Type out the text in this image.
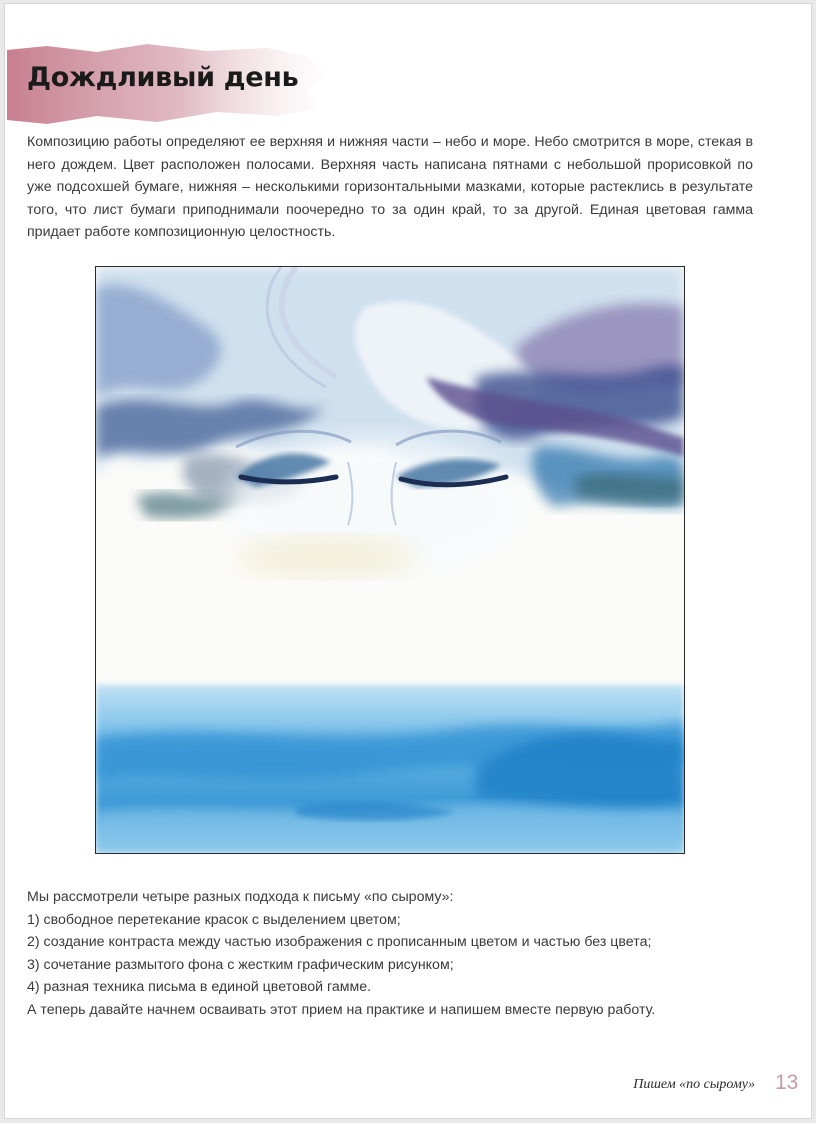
Дождливый день

Композицию работы определяют ее верхняя и нижняя части – небо и море. Небо смотрится в море, стекая в него дождем. Цвет расположен полосами. Верхняя часть написана пятнами с небольшой прорисовкой по уже подсохшей бумаге, нижняя – несколькими горизонтальными мазками, которые растеклись в результате того, что лист бумаги приподнимали поочередно то за один край, то за другой. Единая цветовая гамма придает работе композиционную целостность.

Мы рассмотрели четыре разных подхода к письму «по сырому»:

1) свободное перетекание красок с выделением цветом;

2) создание контраста между частью изображения с прописанным цветом и частью без цвета;

3) сочетание размытого фона с жестким графическим рисунком;

4) разная техника письма в единой цветовой гамме.

А теперь давайте начнем осваивать этот прием на практике и напишем вместе первую работу.

Пишем «по сырому» 13
